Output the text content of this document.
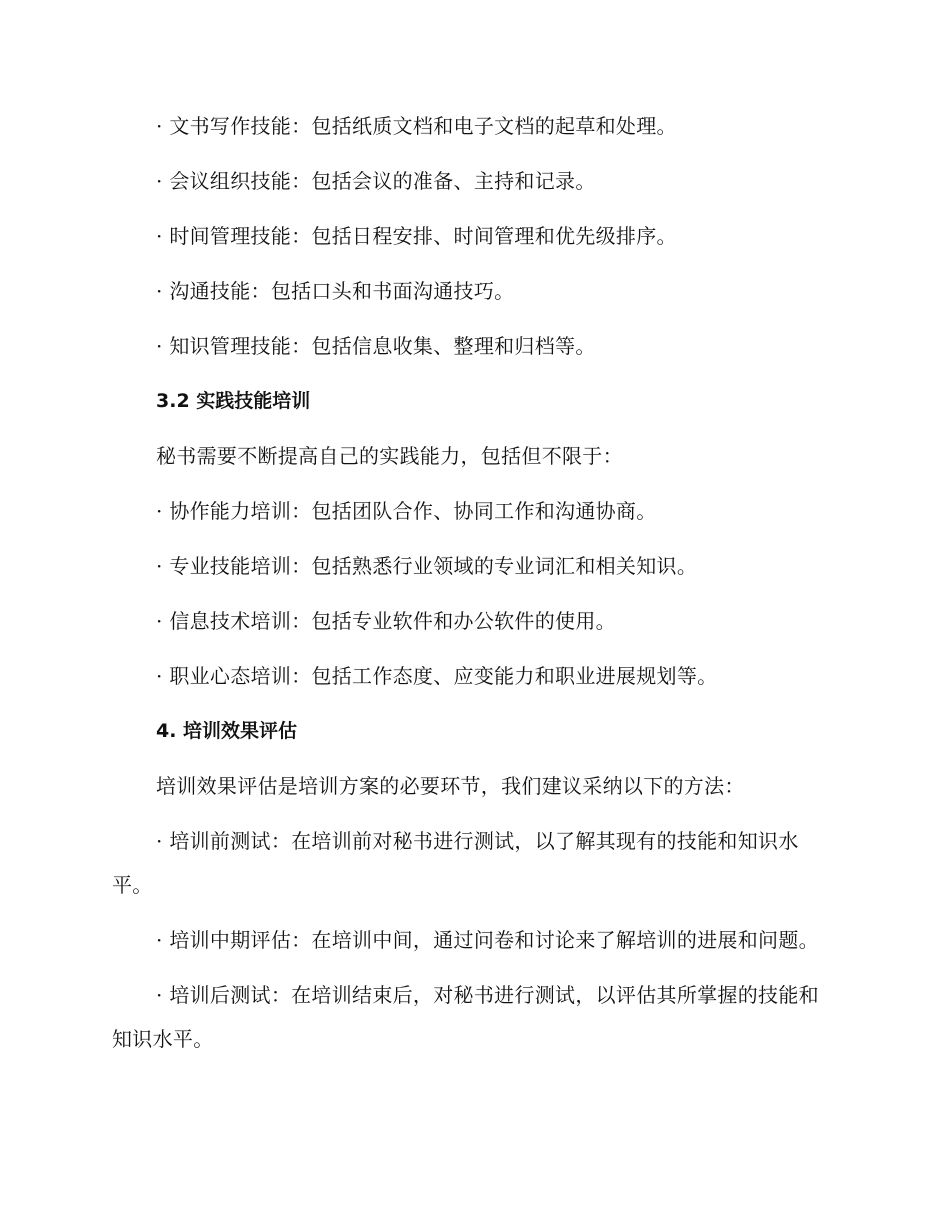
· 文书写作技能：包括纸质文档和电子文档的起草和处理。

· 会议组织技能：包括会议的准备、主持和记录。

· 时间管理技能：包括日程安排、时间管理和优先级排序。

· 沟通技能：包括口头和书面沟通技巧。

· 知识管理技能：包括信息收集、整理和归档等。

3.2 实践技能培训

秘书需要不断提高自己的实践能力，包括但不限于：

· 协作能力培训：包括团队合作、协同工作和沟通协商。

· 专业技能培训：包括熟悉行业领域的专业词汇和相关知识。

· 信息技术培训：包括专业软件和办公软件的使用。

· 职业心态培训：包括工作态度、应变能力和职业进展规划等。

4. 培训效果评估

培训效果评估是培训方案的必要环节，我们建议采纳以下的方法：

· 培训前测试：在培训前对秘书进行测试，以了解其现有的技能和知识水平。

· 培训中期评估：在培训中间，通过问卷和讨论来了解培训的进展和问题。

· 培训后测试：在培训结束后，对秘书进行测试，以评估其所掌握的技能和知识水平。
